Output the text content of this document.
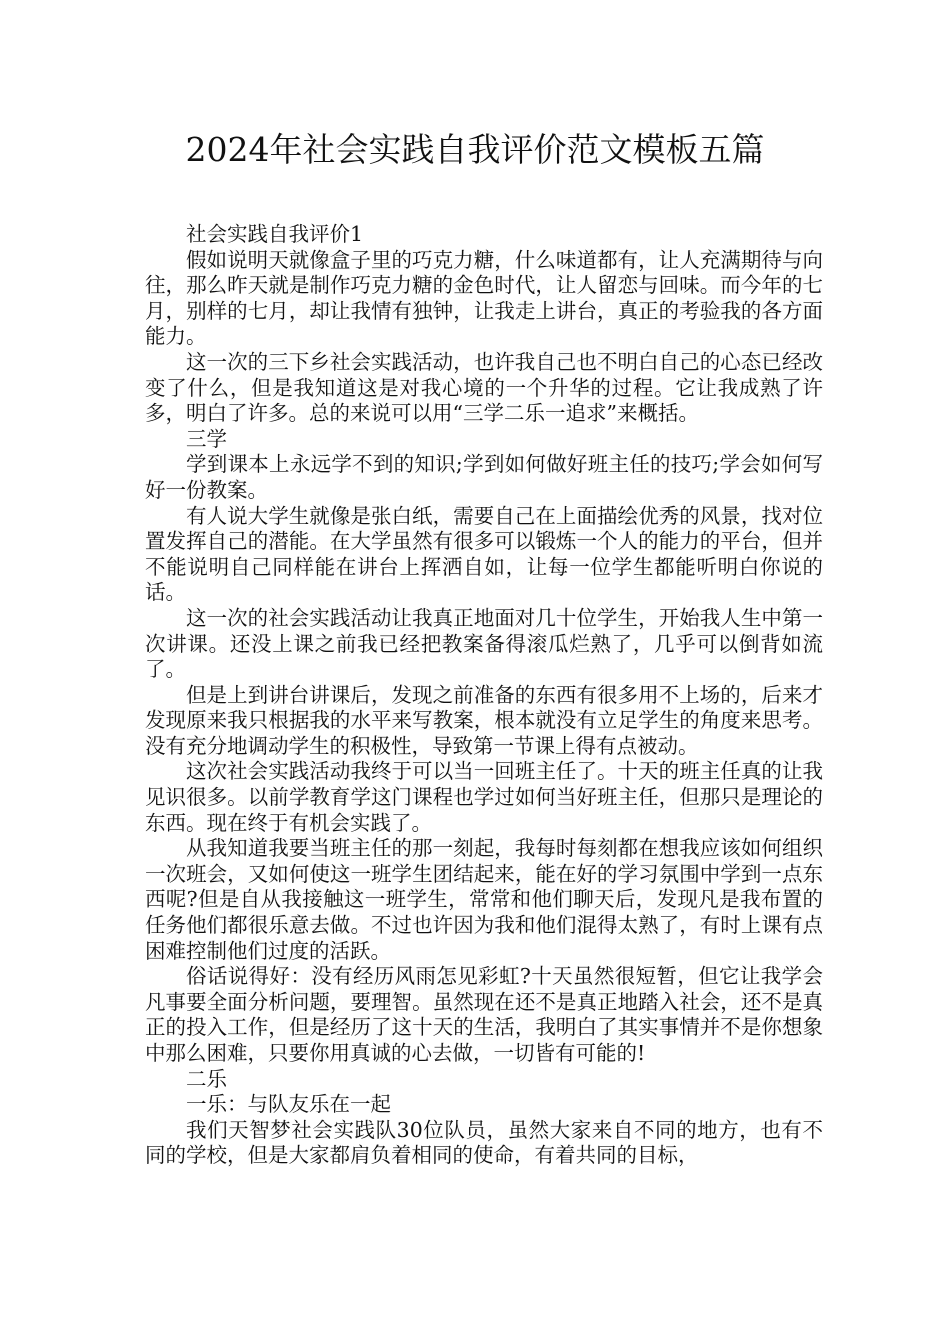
2024年社会实践自我评价范文模板五篇

社会实践自我评价1

假如说明天就像盒子里的巧克力糖，什么味道都有，让人充满期待与向往，那么昨天就是制作巧克力糖的金色时代，让人留恋与回味。而今年的七月，别样的七月，却让我情有独钟，让我走上讲台，真正的考验我的各方面能力。

这一次的三下乡社会实践活动，也许我自己也不明白自己的心态已经改变了什么，但是我知道这是对我心境的一个升华的过程。它让我成熟了许多，明白了许多。总的来说可以用“三学二乐一追求”来概括。

三学

学到课本上永远学不到的知识;学到如何做好班主任的技巧;学会如何写好一份教案。

有人说大学生就像是张白纸，需要自己在上面描绘优秀的风景，找对位置发挥自己的潜能。在大学虽然有很多可以锻炼一个人的能力的平台，但并不能说明自己同样能在讲台上挥洒自如，让每一位学生都能听明白你说的话。

这一次的社会实践活动让我真正地面对几十位学生，开始我人生中第一次讲课。还没上课之前我已经把教案备得滚瓜烂熟了，几乎可以倒背如流了。

但是上到讲台讲课后，发现之前准备的东西有很多用不上场的，后来才发现原来我只根据我的水平来写教案，根本就没有立足学生的角度来思考。没有充分地调动学生的积极性，导致第一节课上得有点被动。

这次社会实践活动我终于可以当一回班主任了。十天的班主任真的让我见识很多。以前学教育学这门课程也学过如何当好班主任，但那只是理论的东西。现在终于有机会实践了。

从我知道我要当班主任的那一刻起，我每时每刻都在想我应该如何组织一次班会，又如何使这一班学生团结起来，能在好的学习氛围中学到一点东西呢?但是自从我接触这一班学生，常常和他们聊天后，发现凡是我布置的任务他们都很乐意去做。不过也许因为我和他们混得太熟了，有时上课有点困难控制他们过度的活跃。

俗话说得好：没有经历风雨怎见彩虹?十天虽然很短暂，但它让我学会凡事要全面分析问题，要理智。虽然现在还不是真正地踏入社会，还不是真正的投入工作，但是经历了这十天的生活，我明白了其实事情并不是你想象中那么困难，只要你用真诚的心去做，一切皆有可能的!

二乐

一乐：与队友乐在一起

我们天智梦社会实践队30位队员，虽然大家来自不同的地方，也有不同的学校，但是大家都肩负着相同的使命，有着共同的目标，
